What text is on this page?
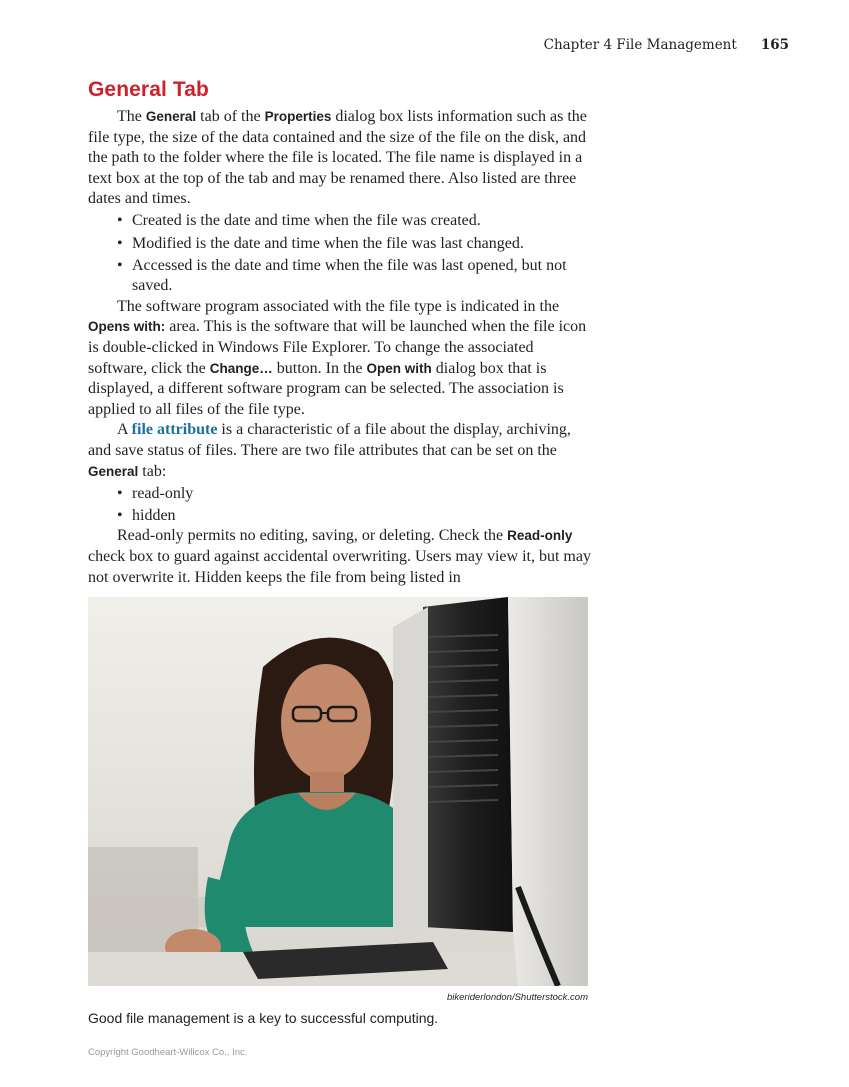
Chapter 4 File Management 165
General Tab

The General tab of the Properties dialog box lists information such as the file type, the size of the data contained and the size of the file on the disk, and the path to the folder where the file is located. The file name is displayed in a text box at the top of the tab and may be renamed there. Also listed are three dates and times.

• Created is the date and time when the file was created.
• Modified is the date and time when the file was last changed.
• Accessed is the date and time when the file was last opened, but not saved.

The software program associated with the file type is indicated in the Opens with: area. This is the software that will be launched when the file icon is double-clicked in Windows File Explorer. To change the associated software, click the Change… button. In the Open with dialog box that is displayed, a different software program can be selected. The association is applied to all files of the file type.

A file attribute is a characteristic of a file about the display, archiving, and save status of files. There are two file attributes that can be set on the General tab:

• read-only
• hidden

Read-only permits no editing, saving, or deleting. Check the Read-only check box to guard against accidental overwriting. Users may view it, but may not overwrite it. Hidden keeps the file from being listed in

bikeriderlondon/Shutterstock.com
Good file management is a key to successful computing.
Copyright Goodheart-Willcox Co., Inc.
